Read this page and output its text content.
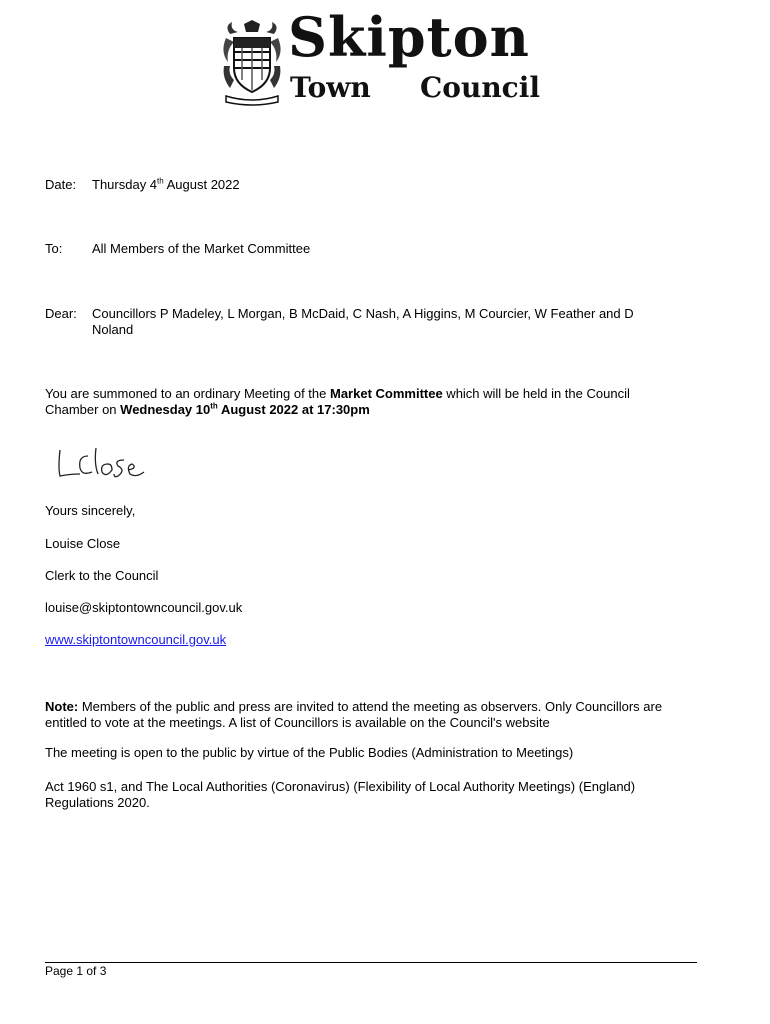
Skipton
Town Council
Date: Thursday 4th August 2022
To: All Members of the Market Committee
Dear: Councillors P Madeley, L Morgan, B McDaid, C Nash, A Higgins, M Courcier, W Feather and D
Noland
You are summoned to an ordinary Meeting of the Market Committee which will be held in the Council
Chamber on Wednesday 10th August 2022 at 17:30pm
Yours sincerely,
Louise Close
Clerk to the Council
louise@skiptontowncouncil.gov.uk
www.skiptontowncouncil.gov.uk
Note: Members of the public and press are invited to attend the meeting as observers. Only Councillors are
entitled to vote at the meetings. A list of Councillors is available on the Council's website
The meeting is open to the public by virtue of the Public Bodies (Administration to Meetings)
Act 1960 s1, and The Local Authorities (Coronavirus) (Flexibility of Local Authority Meetings) (England)
Regulations 2020.
Page 1 of 3
